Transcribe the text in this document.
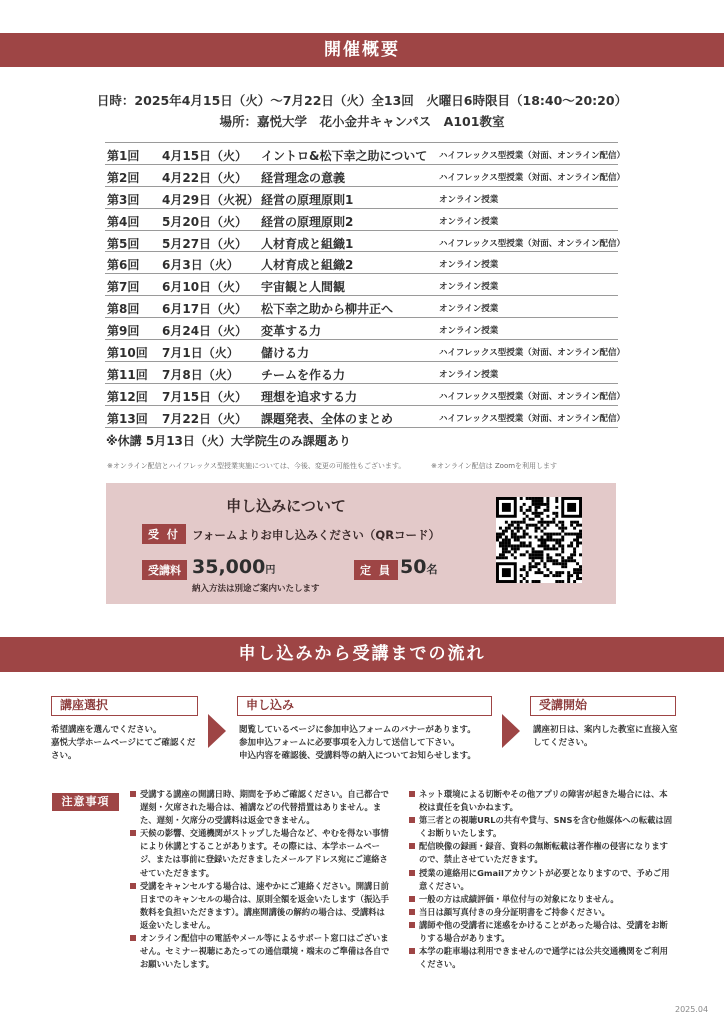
開催概要
日時：2025年4月15日（火）〜7月22日（火）全13回　火曜日6時限目（18:40〜20:20）
場所：嘉悦大学　花小金井キャンパス　A101教室
第1回 4月15日（火） イントロ&松下幸之助について ハイフレックス型授業（対面、オンライン配信）
第2回 4月22日（火） 経営理念の意義	ハイフレックス型授業（対面、オンライン配信）
第3回 4月29日（火祝） 経営の原理原則1	オンライン授業
第4回 5月20日（火） 経営の原理原則2	オンライン授業
第5回 5月27日（火） 人材育成と組織1	ハイフレックス型授業（対面、オンライン配信）
第6回 6月3日（火） 人材育成と組織2	オンライン授業
第7回 6月10日（火） 宇宙観と人間観	オンライン授業
第8回 6月17日（火） 松下幸之助から柳井正へ	オンライン授業
第9回 6月24日（火） 変革する力	オンライン授業
第10回 7月1日（火） 儲ける力	ハイフレックス型授業（対面、オンライン配信）
第11回 7月8日（火） チームを作る力	オンライン授業
第12回 7月15日（火） 理想を追求する力	ハイフレックス型授業（対面、オンライン配信）
第13回 7月22日（火） 課題発表、全体のまとめ	ハイフレックス型授業（対面、オンライン配信）
※休講 5月13日（火）大学院生のみ課題あり
※オンライン配信とハイフレックス型授業実施については、今後、変更の可能性もございます。	※オンライン配信は Zoomを利用します
申し込みについて
受 付	フォームよりお申し込みください（QRコード）
受講料 35,000円
納入方法は別途ご案内いたします
定 員 50名
申し込みから受講までの流れ
講座選択
希望講座を選んでください。
嘉悦大学ホームページにてご確認ください。
申し込み
閲覧しているページに参加申込フォームのバナーがあります。
参加申込フォームに必要事項を入力して送信して下さい。
申込内容を確認後、受講料等の納入についてお知らせします。
受講開始
講座初日は、案内した教室に直接入室してください。
注意事項
受講する講座の開講日時、期間を予めご確認ください。自己都合で遅刻・欠席された場合は、補講などの代替措置はありません。また、遅刻・欠席分の受講料は返金できません。
天候の影響、交通機関がストップした場合など、やむを得ない事情により休講とすることがあります。その際には、本学ホームページ、または事前に登録いただきましたメールアドレス宛にご連絡させていただきます。
受講をキャンセルする場合は、速やかにご連絡ください。開講日前日までのキャンセルの場合は、原則全額を返金いたします（振込手数料を負担いただきます）。講座開講後の解約の場合は、受講料は返金いたしません。
オンライン配信中の電話やメール等によるサポート窓口はございません。セミナー視聴にあたっての通信環境・端末のご準備は各自でお願いいたします。
ネット環境による切断やその他アプリの障害が起きた場合には、本校は責任を負いかねます。
第三者との視聴URLの共有や貸与、SNSを含む他媒体への転載は固くお断りいたします。
配信映像の録画・録音、資料の無断転載は著作権の侵害になりますので、禁止させていただきます。
授業の連絡用にGmailアカウントが必要となりますので、予めご用意ください。
一般の方は成績評価・単位付与の対象になりません。
当日は顔写真付きの身分証明書をご持参ください。
講師や他の受講者に迷惑をかけることがあった場合は、受講をお断りする場合があります。
本学の駐車場は利用できませんので通学には公共交通機関をご利用ください。
2025.04
